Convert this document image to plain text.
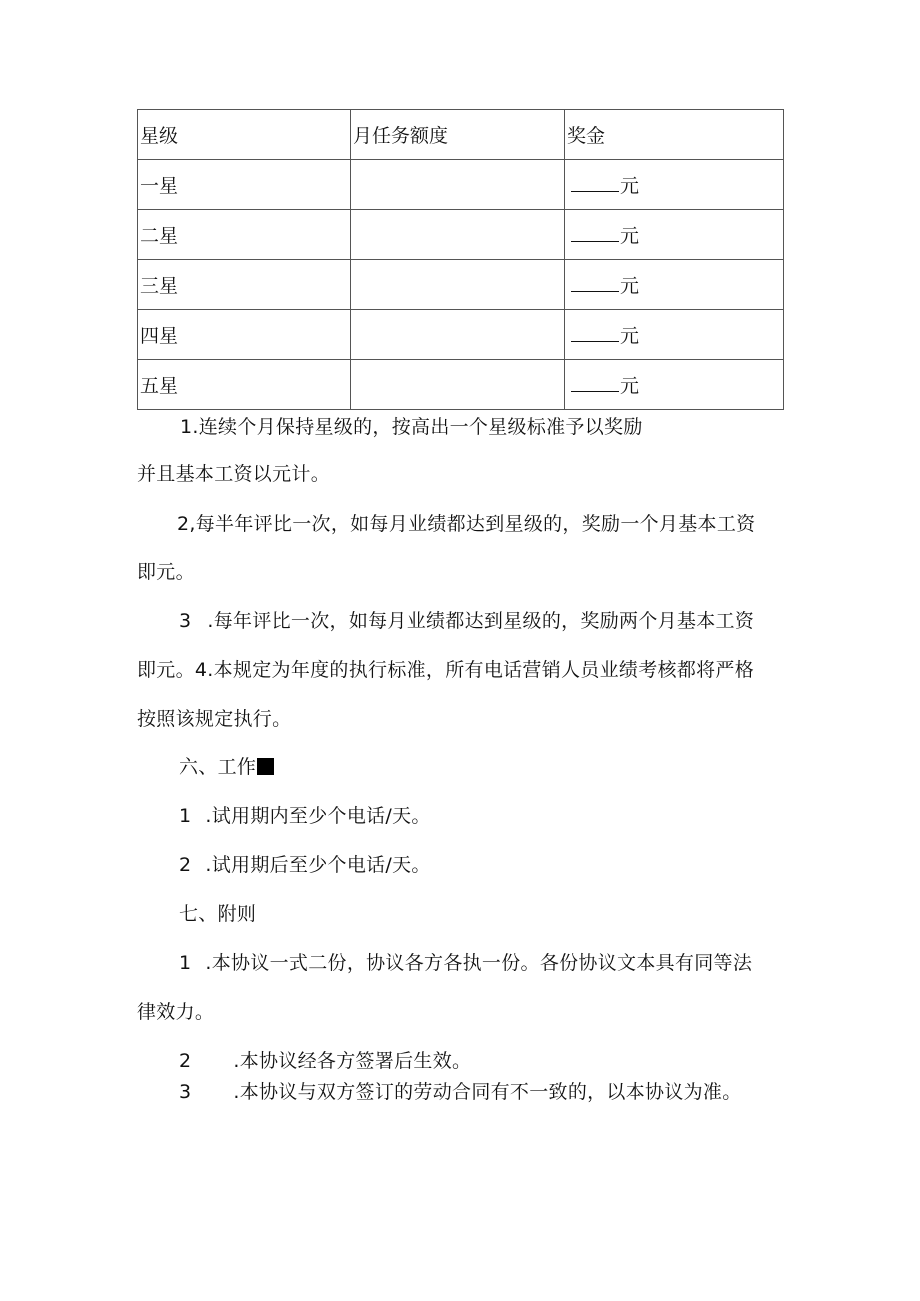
星级	月任务额度	奖金
一星		元
二星		元
三星		元
四星		元
五星		元
1.连续个月保持星级的，按高出一个星级标准予以奖励
并且基本工资以元计。
2,每半年评比一次，如每月业绩都达到星级的，奖励一个月基本工资
即元。
3 .每年评比一次，如每月业绩都达到星级的，奖励两个月基本工资
即元。4.本规定为年度的执行标准，所有电话营销人员业绩考核都将严格
按照该规定执行。
六、工作
1 .试用期内至少个电话/天。
2 .试用期后至少个电话/天。
七、附则
1 .本协议一式二份，协议各方各执一份。各份协议文本具有同等法
律效力。
2 .本协议经各方签署后生效。
3 .本协议与双方签订的劳动合同有不一致的，以本协议为准。
